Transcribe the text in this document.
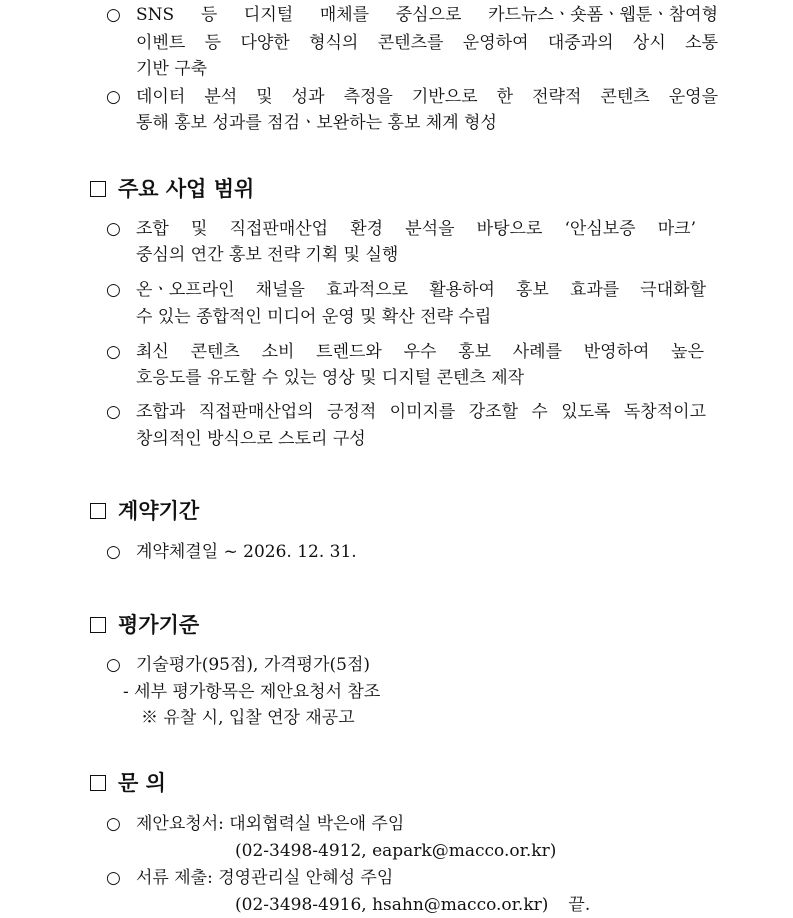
○ SNS 등 디지털 매체를 중심으로 카드뉴스ㆍ숏폼ㆍ웹툰ㆍ참여형
이벤트 등 다양한 형식의 콘텐츠를 운영하여 대중과의 상시 소통
기반 구축
○ 데이터 분석 및 성과 측정을 기반으로 한 전략적 콘텐츠 운영을
통해 홍보 성과를 점검ㆍ보완하는 홍보 체계 형성
주요 사업 범위
○ 조합 및 직접판매산업 환경 분석을 바탕으로 ‘안심보증 마크’
중심의 연간 홍보 전략 기획 및 실행
○ 온ㆍ오프라인 채널을 효과적으로 활용하여 홍보 효과를 극대화할
수 있는 종합적인 미디어 운영 및 확산 전략 수립
○ 최신 콘텐츠 소비 트렌드와 우수 홍보 사례를 반영하여 높은
호응도를 유도할 수 있는 영상 및 디지털 콘텐츠 제작
○ 조합과 직접판매산업의 긍정적 이미지를 강조할 수 있도록 독창적이고
창의적인 방식으로 스토리 구성
계약기간
○ 계약체결일 ~ 2026. 12. 31.
평가기준
○ 기술평가(95점), 가격평가(5점)
- 세부 평가항목은 제안요청서 참조
※ 유찰 시, 입찰 연장 재공고
문 의
○ 제안요청서: 대외협력실 박은애 주임
(02-3498-4912, eapark@macco.or.kr)
○ 서류 제출: 경영관리실 안혜성 주임
(02-3498-4916, hsahn@macco.or.kr) 끝.
